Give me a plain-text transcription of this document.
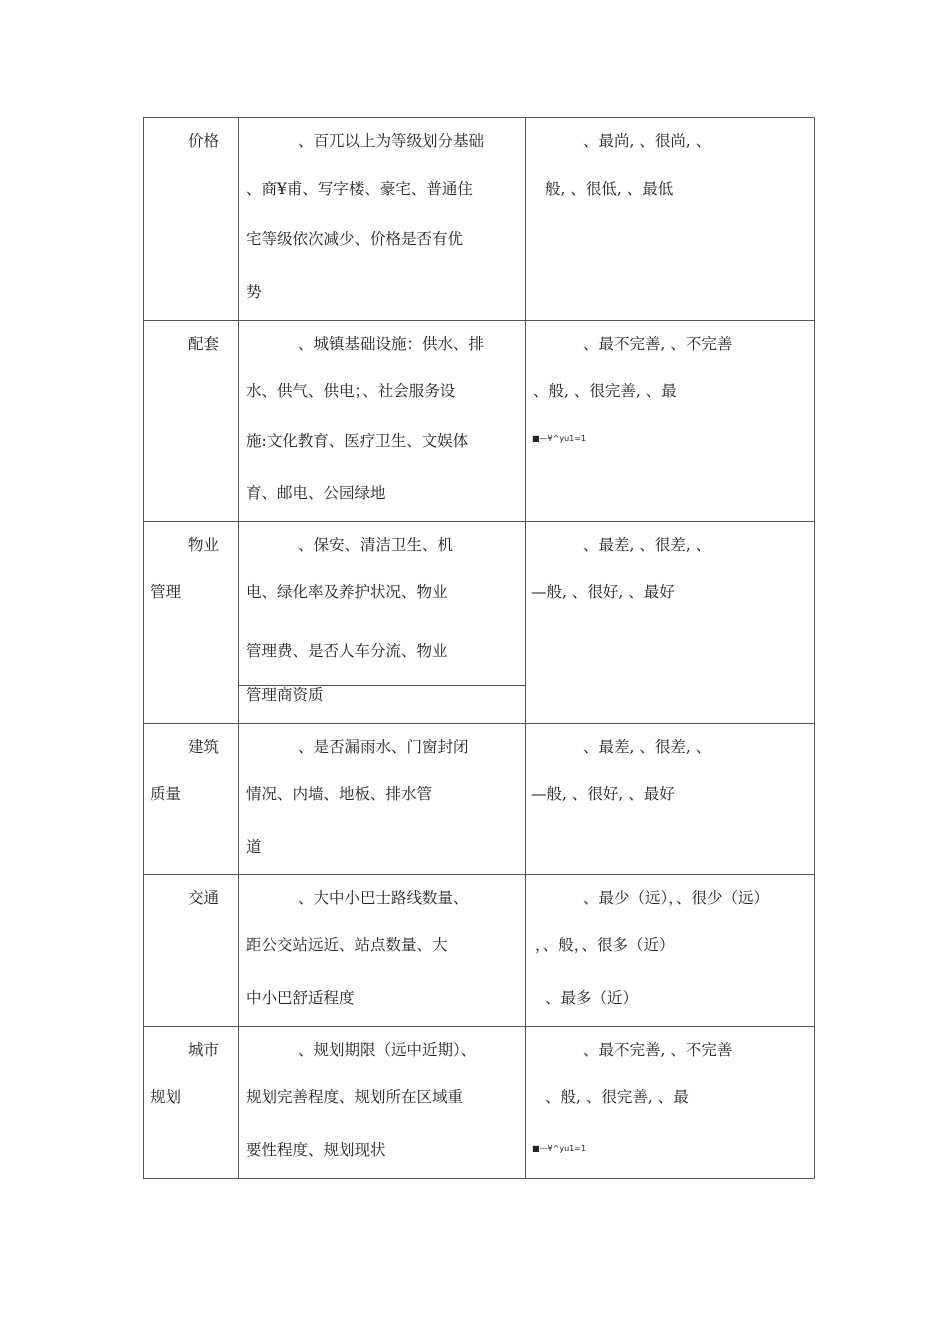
价格	、百兀以上为等级划分基础
、商¥甫、写字楼、豪宅、普通住
宅等级依次减少、价格是否有优
势	、最尚, 、很尚, 、
般, 、很低, 、最低

配套	、城镇基础设施：供水、排
水、供气、供电；、社会服务设
施:文化教育、医疗卫生、文娱体
育、邮电、公园绿地	、最不完善, 、不完善
、般, 、很完善, 、最
■—¥^yu1=1

物业
管理	、保安、清洁卫生、机
电、绿化率及养护状况、物业
管理费、是否人车分流、物业
管理商资质	、最差, 、很差, 、
—般, 、很好, 、最好

建筑
质量	、是否漏雨水、门窗封闭
情况、内墙、地板、排水管
道	、最差, 、很差, 、
—般, 、很好, 、最好

交通	、大中小巴士路线数量、
距公交站远近、站点数量、大
中小巴舒适程度	、最少（远），、很少（远）
，、般，、很多（近）
、最多（近）

城市
规划	、规划期限（远中近期）、
规划完善程度、规划所在区域重
要性程度、规划现状	、最不完善, 、不完善
、般, 、很完善, 、最
■—¥^yu1=1
